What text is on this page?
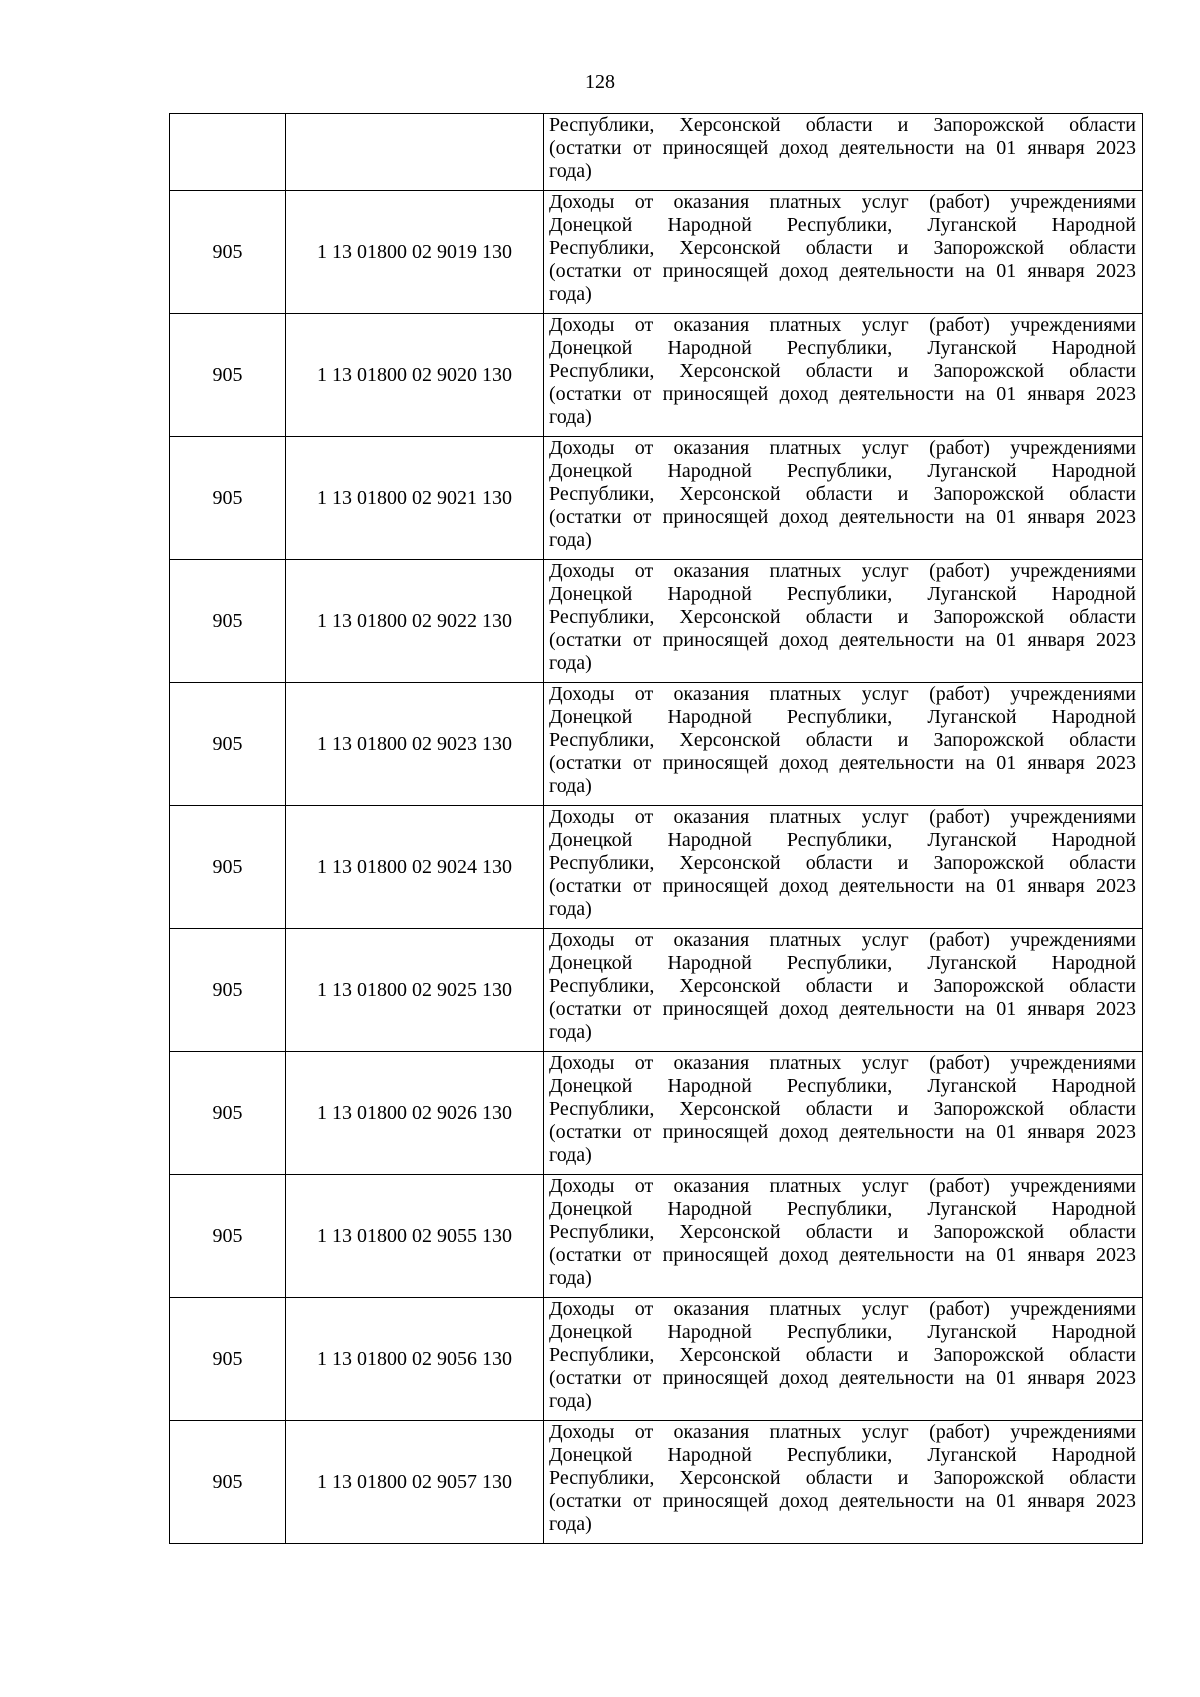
128

		Республики, Херсонской области и Запорожской области
(остатки от приносящей доход деятельности на 01 января 2023
года)

905	1 13 01800 02 9019 130	Доходы от оказания платных услуг (работ) учреждениями
Донецкой Народной Республики, Луганской Народной
Республики, Херсонской области и Запорожской области
(остатки от приносящей доход деятельности на 01 января 2023
года)

905	1 13 01800 02 9020 130	Доходы от оказания платных услуг (работ) учреждениями
Донецкой Народной Республики, Луганской Народной
Республики, Херсонской области и Запорожской области
(остатки от приносящей доход деятельности на 01 января 2023
года)

905	1 13 01800 02 9021 130	Доходы от оказания платных услуг (работ) учреждениями
Донецкой Народной Республики, Луганской Народной
Республики, Херсонской области и Запорожской области
(остатки от приносящей доход деятельности на 01 января 2023
года)

905	1 13 01800 02 9022 130	Доходы от оказания платных услуг (работ) учреждениями
Донецкой Народной Республики, Луганской Народной
Республики, Херсонской области и Запорожской области
(остатки от приносящей доход деятельности на 01 января 2023
года)

905	1 13 01800 02 9023 130	Доходы от оказания платных услуг (работ) учреждениями
Донецкой Народной Республики, Луганской Народной
Республики, Херсонской области и Запорожской области
(остатки от приносящей доход деятельности на 01 января 2023
года)

905	1 13 01800 02 9024 130	Доходы от оказания платных услуг (работ) учреждениями
Донецкой Народной Республики, Луганской Народной
Республики, Херсонской области и Запорожской области
(остатки от приносящей доход деятельности на 01 января 2023
года)

905	1 13 01800 02 9025 130	Доходы от оказания платных услуг (работ) учреждениями
Донецкой Народной Республики, Луганской Народной
Республики, Херсонской области и Запорожской области
(остатки от приносящей доход деятельности на 01 января 2023
года)

905	1 13 01800 02 9026 130	Доходы от оказания платных услуг (работ) учреждениями
Донецкой Народной Республики, Луганской Народной
Республики, Херсонской области и Запорожской области
(остатки от приносящей доход деятельности на 01 января 2023
года)

905	1 13 01800 02 9055 130	Доходы от оказания платных услуг (работ) учреждениями
Донецкой Народной Республики, Луганской Народной
Республики, Херсонской области и Запорожской области
(остатки от приносящей доход деятельности на 01 января 2023
года)

905	1 13 01800 02 9056 130	Доходы от оказания платных услуг (работ) учреждениями
Донецкой Народной Республики, Луганской Народной
Республики, Херсонской области и Запорожской области
(остатки от приносящей доход деятельности на 01 января 2023
года)

905	1 13 01800 02 9057 130	Доходы от оказания платных услуг (работ) учреждениями
Донецкой Народной Республики, Луганской Народной
Республики, Херсонской области и Запорожской области
(остатки от приносящей доход деятельности на 01 января 2023
года)
